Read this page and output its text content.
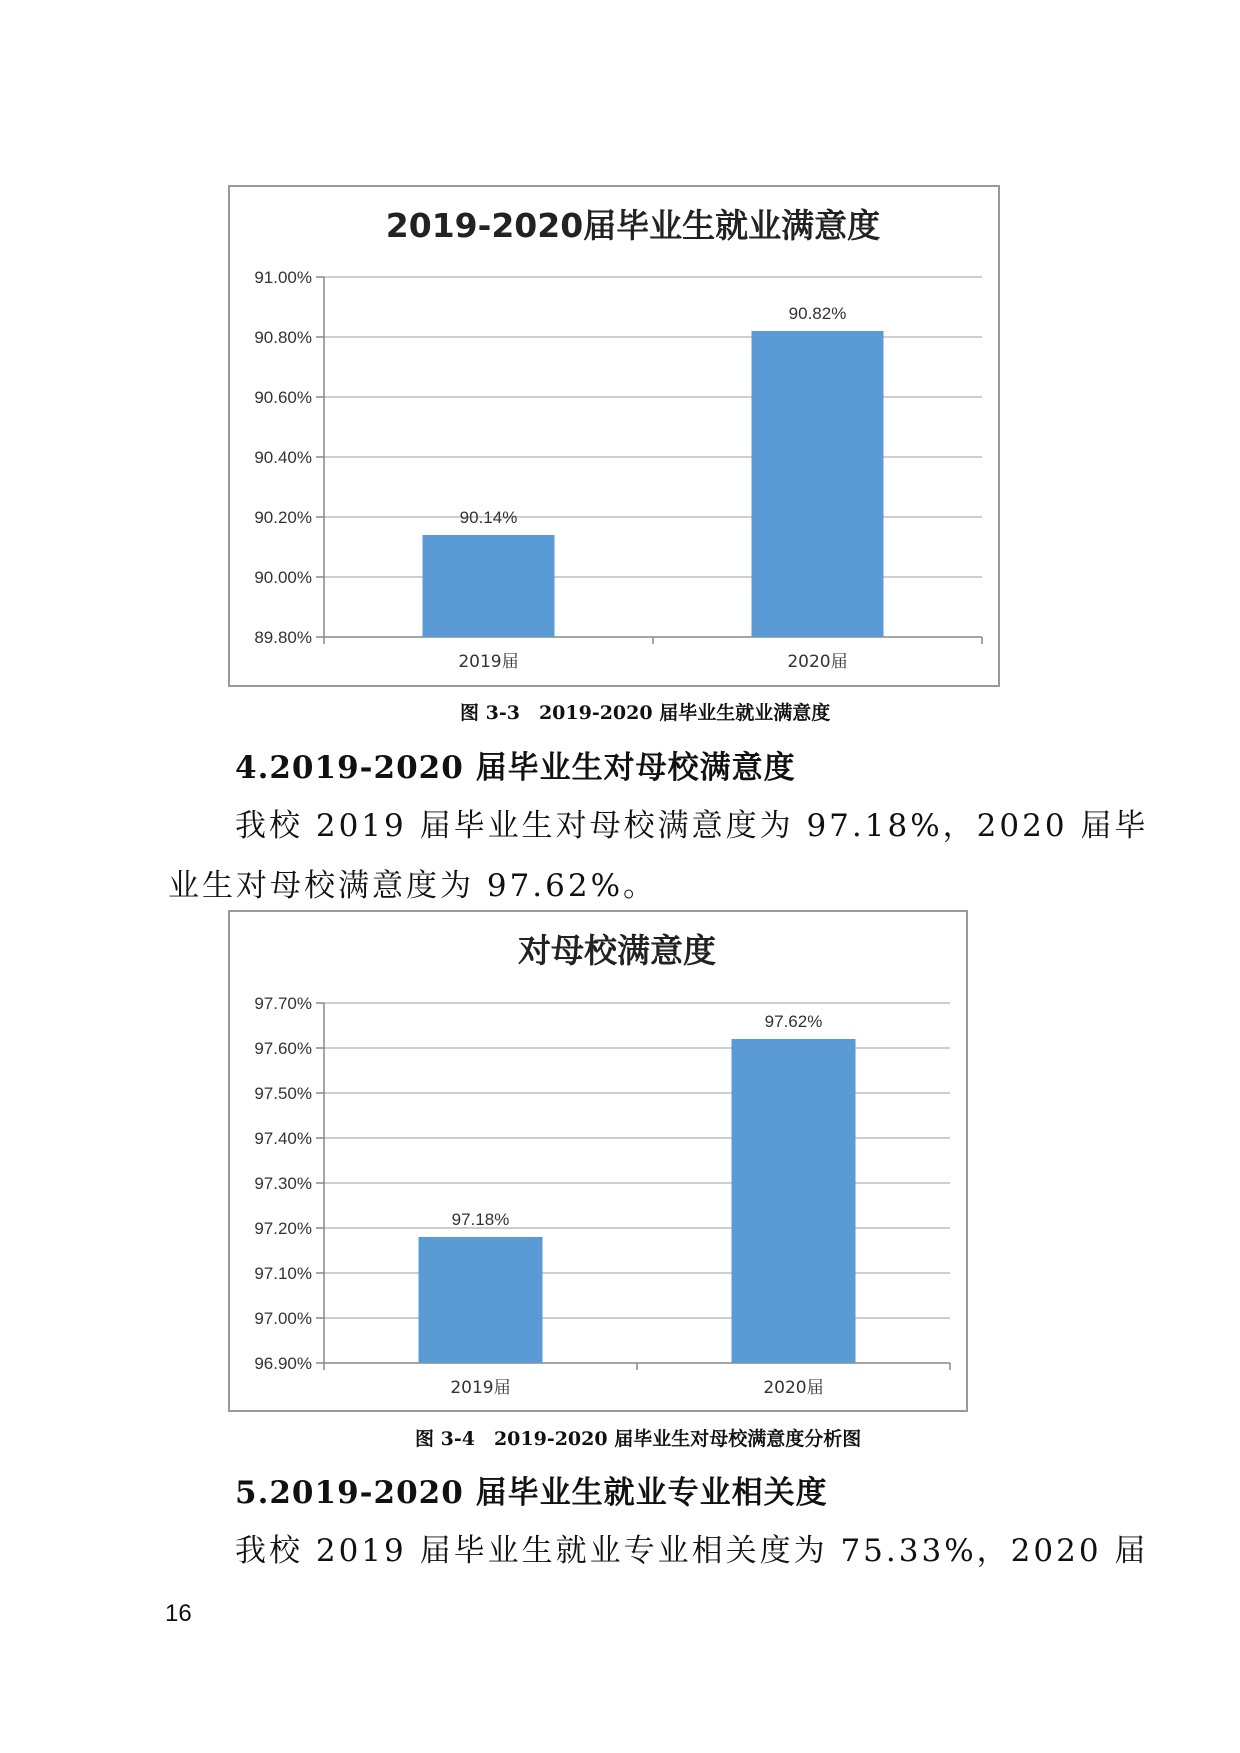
2019-2020届毕业生就业满意度
89.80%
90.00%
90.20%
90.40%
90.60%
90.80%
91.00%
90.14%
2019届
90.82%
2020届
图 3-3　2019-2020 届毕业生就业满意度
4.2019-2020 届毕业生对母校满意度
我校 2019 届毕业生对母校满意度为 97.18%，2020 届毕
业生对母校满意度为 97.62%。
对母校满意度
96.90%
97.00%
97.10%
97.20%
97.30%
97.40%
97.50%
97.60%
97.70%
97.18%
2019届
97.62%
2020届
图 3-4　2019-2020 届毕业生对母校满意度分析图
5.2019-2020 届毕业生就业专业相关度
我校 2019 届毕业生就业专业相关度为 75.33%，2020 届
16
